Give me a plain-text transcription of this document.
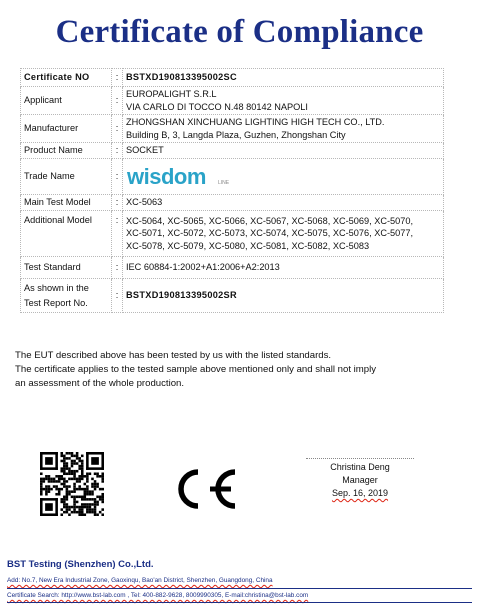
Certificate of Compliance
Certificate NO	:	BSTXD190813395002SC
Applicant	:	EUROPALIGHT S.R.L
VIA CARLO DI TOCCO N.48 80142 NAPOLI

Manufacturer	:	ZHONGSHAN XINCHUANG LIGHTING HIGH TECH CO., LTD.
Building B, 3, Langda Plaza, Guzhen, Zhongshan City

Product Name	:	SOCKET
Trade Name	:	wisdom LINE

Main Test Model	:	XC-5063
Additional Model	:	XC-5064, XC-5065, XC-5066, XC-5067, XC-5068, XC-5069, XC-5070,
XC-5071, XC-5072, XC-5073, XC-5074, XC-5075, XC-5076, XC-5077,
XC-5078, XC-5079, XC-5080, XC-5081, XC-5082, XC-5083

Test Standard	:	IEC 60884-1:2002+A1:2006+A2:2013

As shown in the
Test Report No.	:	BSTXD190813395002SR
The EUT described above has been tested by us with the listed standards.
The certificate applies to the tested sample above mentioned only and shall not imply
an assessment of the whole production.
CE	Christina Deng
Manager
Sep. 16, 2019
BST Testing (Shenzhen) Co.,Ltd.
Add: No.7, New Era Industrial Zone, Gaoxinqu, Bao'an District, Shenzhen, Guangdong, China
Certificate Search: http://www.bst-lab.com , Tel: 400-882-9628, 8009990305, E-mail:christina@bst-lab.com
